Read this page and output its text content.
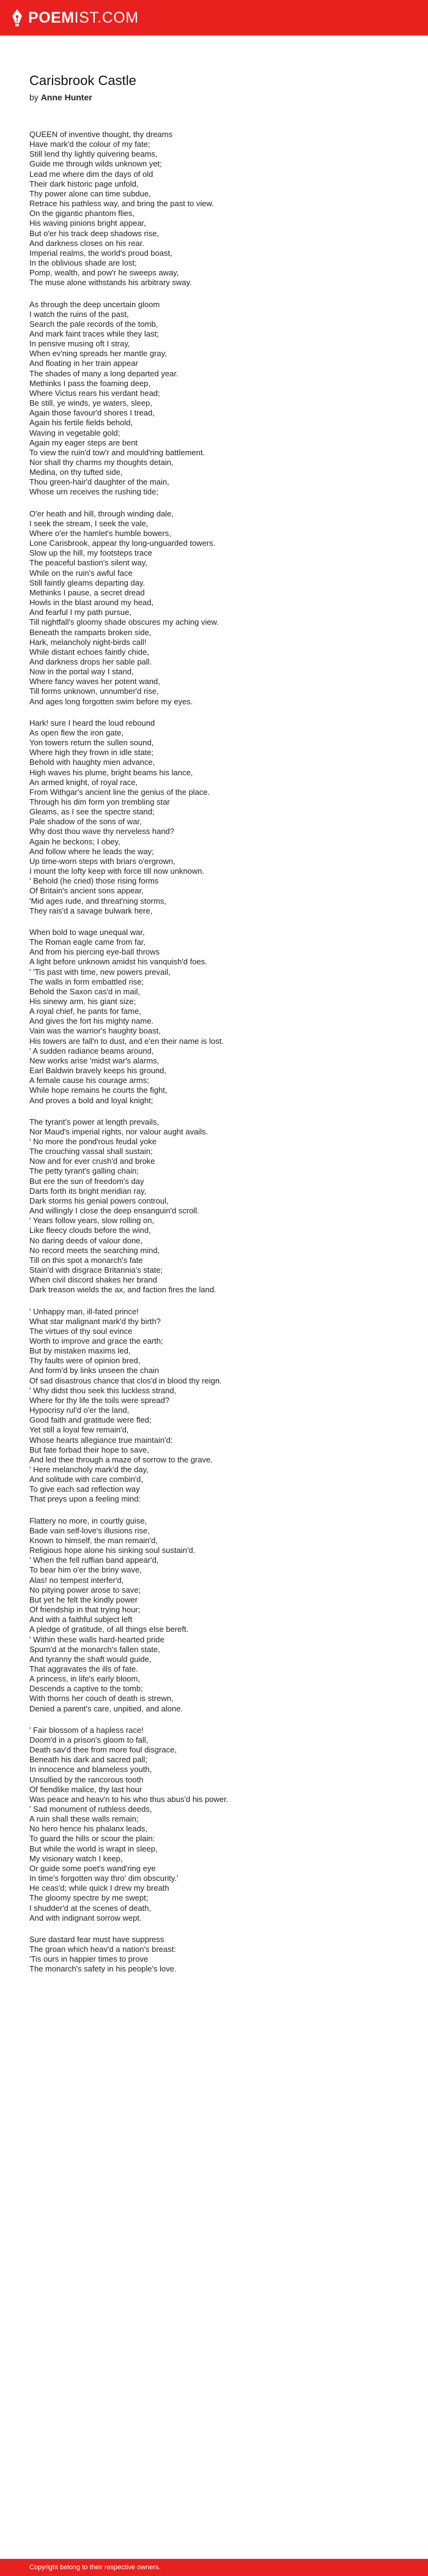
POEMIST.COM
Carisbrook Castle
by Anne Hunter
QUEEN of inventive thought, thy dreams
Have mark'd the colour of my fate;
Still lend thy lightly quivering beams,
Guide me through wilds unknown yet;
Lead me where dim the days of old
Their dark historic page unfold,
Thy power alone can time subdue,
Retrace his pathless way, and bring the past to view.
On the gigantic phantom flies,
His waving pinions bright appear,
But o'er his track deep shadows rise,
And darkness closes on his rear.
Imperial realms, the world's proud boast,
In the oblivious shade are lost;
Pomp, wealth, and pow'r he sweeps away,
The muse alone withstands his arbitrary sway.
As through the deep uncertain gloom
I watch the ruins of the past,
Search the pale records of the tomb,
And mark faint traces while they last;
In pensive musing oft I stray,
When ev'ning spreads her mantle gray,
And floating in her train appear
The shades of many a long departed year.
Methinks I pass the foaming deep,
Where Victus rears his verdant head;
Be still, ye winds, ye waters, sleep,
Again those favour'd shores I tread,
Again his fertile fields behold,
Waving in vegetable gold;
Again my eager steps are bent
To view the ruin'd tow'r and mould'ring battlement.
Nor shall thy charms my thoughts detain,
Medina, on thy tufted side,
Thou green-hair'd daughter of the main,
Whose urn receives the rushing tide;
O'er heath and hill, through winding dale,
I seek the stream, I seek the vale,
Where o'er the hamlet's humble bowers,
Lone Carisbrook, appear thy long-unguarded towers.
Slow up the hill, my footsteps trace
The peaceful bastion's silent way,
While on the ruin's awful face
Still faintly gleams departing day.
Methinks I pause, a secret dread
Howls in the blast around my head,
And fearful I my path pursue,
Till nightfall's gloomy shade obscures my aching view.
Beneath the ramparts broken side,
Hark, melancholy night-birds call!
While distant echoes faintly chide,
And darkness drops her sable pall.
Now in the portal way I stand,
Where fancy waves her potent wand,
Till forms unknown, unnumber'd rise,
And ages long forgotten swim before my eyes.
Hark! sure I heard the loud rebound
As open flew the iron gate,
Yon towers return the sullen sound,
Where high they frown in idle state;
Behold with haughty mien advance,
High waves his plume, bright beams his lance,
An armed knight, of royal race,
From Withgar's ancient line the genius of the place.
Through his dim form yon trembling star
Gleams, as I see the spectre stand;
Pale shadow of the sons of war,
Why dost thou wave thy nerveless hand?
Again he beckons; I obey,
And follow where he leads the way;
Up time-worn steps with briars o'ergrown,
I mount the lofty keep with force till now unknown.
' Behold (he cried) those rising forms
Of Britain's ancient sons appear,
'Mid ages rude, and threat'ning storms,
They rais'd a savage bulwark here,
When bold to wage unequal war,
The Roman eagle came from far,
And from his piercing eye-ball throws
A light before unknown amidst his vanquish'd foes.
' 'Tis past with time, new powers prevail,
The walls in form embattled rise;
Behold the Saxon cas'd in mail,
His sinewy arm, his giant size;
A royal chief, he pants for fame,
And gives the fort his mighty name.
Vain was the warrior's haughty boast,
His towers are fall'n to dust, and e'en their name is lost.
' A sudden radiance beams around,
New works arise 'midst war's alarms,
Earl Baldwin bravely keeps his ground,
A female cause his courage arms;
While hope remains he courts the fight,
And proves a bold and loyal knight;
The tyrant's power at length prevails,
Nor Maud's imperial rights, nor valour aught avails.
' No more the pond'rous feudal yoke
The crouching vassal shall sustain;
Now and for ever crush'd and broke
The petty tyrant's galling chain;
But ere the sun of freedom's day
Darts forth its bright meridian ray,
Dark storms his genial powers controul,
And willingly I close the deep ensanguin'd scroll.
' Years follow years, slow rolling on,
Like fleecy clouds before the wind,
No daring deeds of valour done,
No record meets the searching mind,
Till on this spot a monarch's fate
Stain'd with disgrace Britannia's state;
When civil discord shakes her brand
Dark treason wields the ax, and faction fires the land.
' Unhappy man, ill-fated prince!
What star malignant mark'd thy birth?
The virtues of thy soul evince
Worth to improve and grace the earth;
But by mistaken maxims led,
Thy faults were of opinion bred,
And form'd by links unseen the chain
Of sad disastrous chance that clos'd in blood thy reign.
' Why didst thou seek this luckless strand,
Where for thy life the toils were spread?
Hypocrisy rul'd o'er the land,
Good faith and gratitude were fled;
Yet still a loyal few remain'd,
Whose hearts allegiance true maintain'd:
But fate forbad their hope to save,
And led thee through a maze of sorrow to the grave.
' Here melancholy mark'd the day,
And solitude with care combin'd,
To give each sad reflection way
That preys upon a feeling mind:
Flattery no more, in courtly guise,
Bade vain self-love's illusions rise,
Known to himself, the man remain'd,
Religious hope alone his sinking soul sustain'd.
' When the fell ruffian band appear'd,
To bear him o'er the briny wave,
Alas! no tempest interfer'd,
No pitying power arose to save;
But yet he felt the kindly power
Of friendship in that trying hour;
And with a faithful subject left
A pledge of gratitude, of all things else bereft.
' Within these walls hard-hearted pride
Spurn'd at the monarch's fallen state,
And tyranny the shaft would guide,
That aggravates the ills of fate.
A princess, in life's early bloom,
Descends a captive to the tomb;
With thorns her couch of death is strewn,
Denied a parent's care, unpitied, and alone.
' Fair blossom of a hapless race!
Doom'd in a prison's gloom to fall,
Death sav'd thee from more foul disgrace,
Beneath his dark and sacred pall;
In innocence and blameless youth,
Unsullied by the rancorous tooth
Of fiendlike malice, thy last hour
Was peace and heav'n to his who thus abus'd his power.
' Sad monument of ruthless deeds,
A ruin shall these walls remain;
No hero hence his phalanx leads,
To guard the hills or scour the plain:
But while the world is wrapt in sleep,
My visionary watch I keep,
Or guide some poet's wand'ring eye
In time's forgotten way thro' dim obscurity.'
He ceas'd; while quick I drew my breath
The gloomy spectre by me swept;
I shudder'd at the scenes of death,
And with indignant sorrow wept.
Sure dastard fear must have suppress
The groan which heav'd a nation's breast:
'Tis ours in happier times to prove
The monarch's safety in his people's love.
Copyright belong to their respective owners.
